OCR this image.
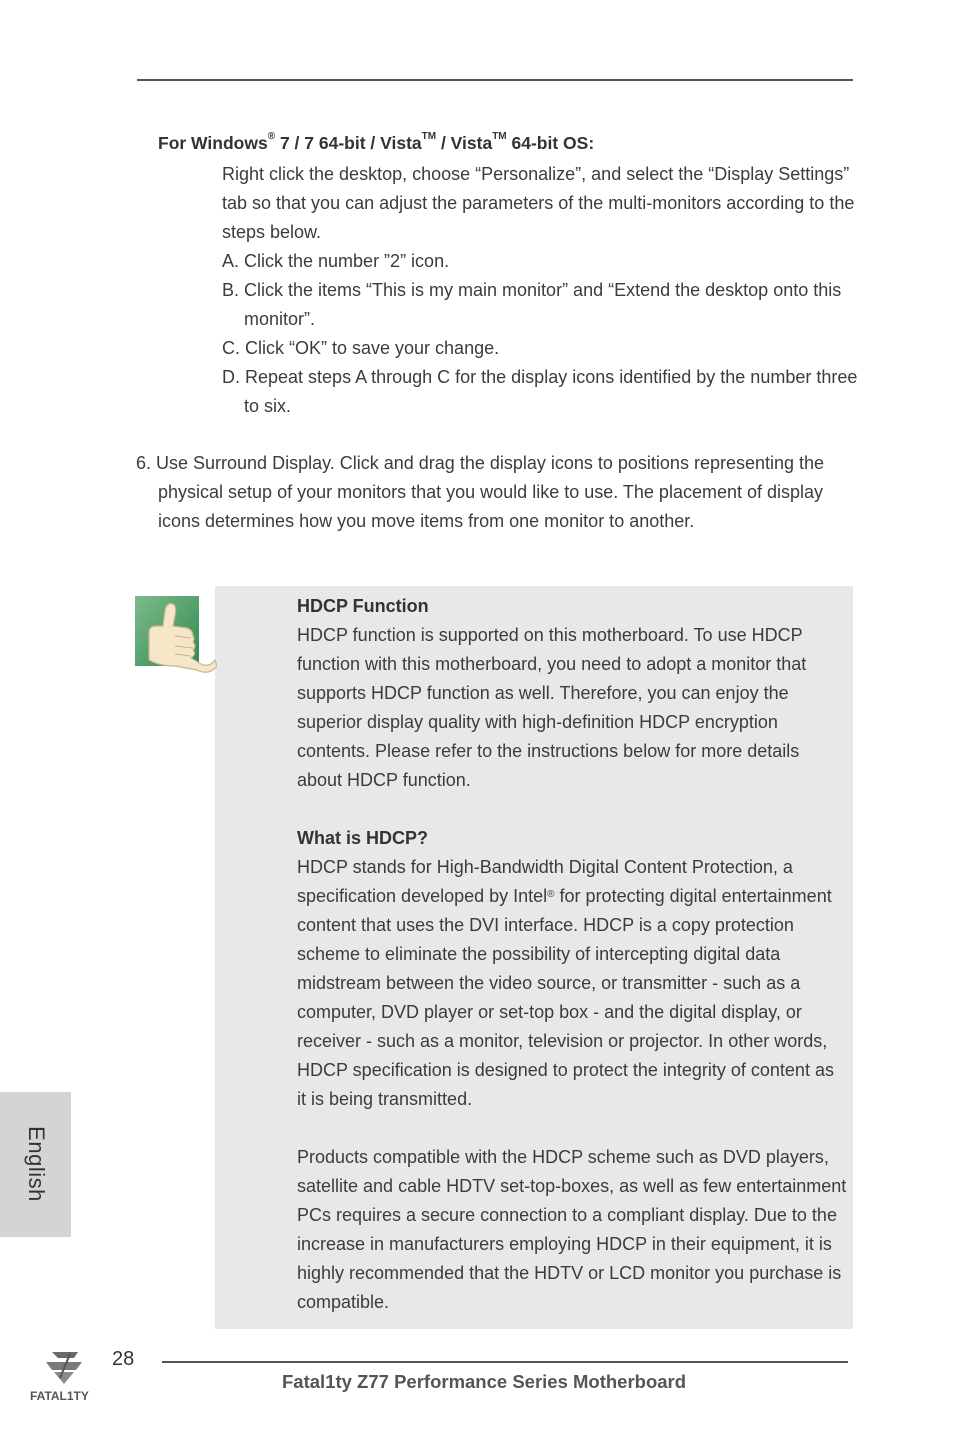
For Windows® 7 / 7 64-bit / Vista™ / Vista™ 64-bit OS:

Right click the desktop, choose “Personalize”, and select the “Display Settings” tab so that you can adjust the parameters of the multi-monitors according to the steps below.

A. Click the number ”2” icon.

B. Click the items “This is my main monitor” and “Extend the desktop onto this monitor”.

C. Click “OK” to save your change.

D. Repeat steps A through C for the display icons identified by the number three to six.

6. Use Surround Display. Click and drag the display icons to positions representing the physical setup of your monitors that you would like to use. The placement of display icons determines how you move items from one monitor to another.

HDCP Function

HDCP function is supported on this motherboard. To use HDCP function with this motherboard, you need to adopt a monitor that supports HDCP function as well. Therefore, you can enjoy the superior display quality with high-definition HDCP encryption contents. Please refer to the instructions below for more details about HDCP function.

What is HDCP?

HDCP stands for High-Bandwidth Digital Content Protection, a specification developed by Intel® for protecting digital entertainment content that uses the DVI interface. HDCP is a copy protection scheme to eliminate the possibility of intercepting digital data midstream between the video source, or transmitter - such as a computer, DVD player or set-top box - and the digital display, or receiver - such as a monitor, television or projector. In other words, HDCP specification is designed to protect the integrity of content as it is being transmitted.

Products compatible with the HDCP scheme such as DVD players, satellite and cable HDTV set-top-boxes, as well as few entertainment PCs requires a secure connection to a compliant display. Due to the increase in manufacturers employing HDCP in their equipment, it is highly recommended that the HDTV or LCD monitor you purchase is compatible.

English
FATAL1TY
28
Fatal1ty Z77 Performance Series Motherboard
